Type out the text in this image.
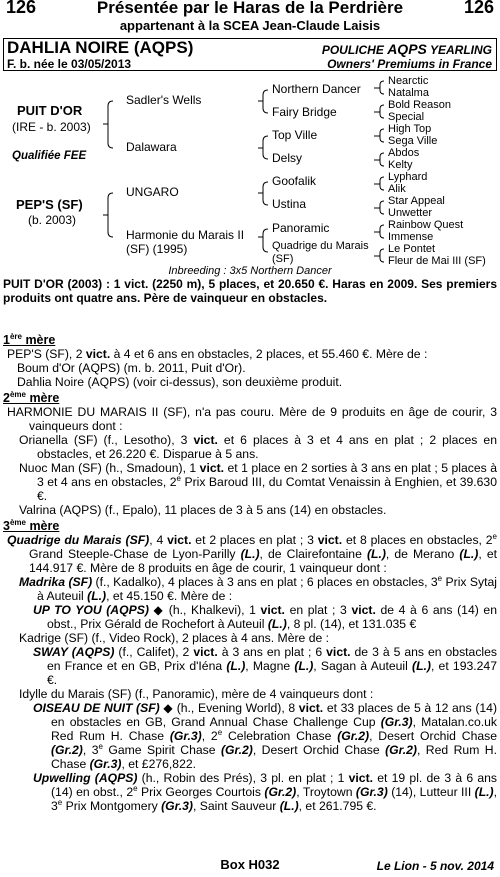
126	Présentée par le Haras de la Perdrière	126
appartenant à la SCEA Jean-Claude Laisis
DAHLIA NOIRE (AQPS)	POULICHE AQPS YEARLING
F. b. née le 03/05/2013	Owners' Premiums in France
PUIT D'OR
(IRE - b. 2003)
Qualifiée FEE
PEP'S (SF)
(b. 2003)
Sadler's Wells
Dalawara
UNGARO
Harmonie du Marais II
(SF) (1995)
Northern Dancer
Fairy Bridge
Top Ville
Delsy
Goofalik
Ustina
Panoramic
Quadrige du Marais
(SF)
Nearctic
Natalma
Bold Reason
Special
High Top
Sega Ville
Abdos
Kelty
Lyphard
Alik
Star Appeal
Unwetter
Rainbow Quest
Immense
Le Pontet
Fleur de Mai III (SF)
Inbreeding : 3x5 Northern Dancer
PUIT D'OR (2003) : 1 vict. (2250 m), 5 places, et 20.650 €. Haras en 2009. Ses premiers produits ont quatre ans. Père de vainqueur en obstacles.

1ère mère

PEP'S (SF), 2 vict. à 4 et 6 ans en obstacles, 2 places, et 55.460 €. Mère de :

Boum d'Or (AQPS) (m. b. 2011, Puit d'Or).

Dahlia Noire (AQPS) (voir ci-dessus), son deuxième produit.

2ème mère

HARMONIE DU MARAIS II (SF), n'a pas couru. Mère de 9 produits en âge de courir, 3 vainqueurs dont :

Orianella (SF) (f., Lesotho), 3 vict. et 6 places à 3 et 4 ans en plat ; 2 places en obstacles, et 26.220 €. Disparue à 5 ans.

Nuoc Man (SF) (h., Smadoun), 1 vict. et 1 place en 2 sorties à 3 ans en plat ; 5 places à 3 et 4 ans en obstacles, 2e Prix Baroud III, du Comtat Venaissin à Enghien, et 39.630 €.

Valrina (AQPS) (f., Epalo), 11 places de 3 à 5 ans (14) en obstacles.

3ème mère

Quadrige du Marais (SF), 4 vict. et 2 places en plat ; 3 vict. et 8 places en obstacles, 2e Grand Steeple-Chase de Lyon-Parilly (L.), de Clairefontaine (L.), de Merano (L.), et 144.917 €. Mère de 8 produits en âge de courir, 1 vainqueur dont :

Madrika (SF) (f., Kadalko), 4 places à 3 ans en plat ; 6 places en obstacles, 3e Prix Sytaj à Auteuil (L.), et 45.150 €. Mère de :

UP TO YOU (AQPS) ◆ (h., Khalkevi), 1 vict. en plat ; 3 vict. de 4 à 6 ans (14) en obst., Prix Gérald de Rochefort à Auteuil (L.), 8 pl. (14), et 131.035 €

Kadrige (SF) (f., Video Rock), 2 places à 4 ans. Mère de :

SWAY (AQPS) (f., Califet), 2 vict. à 3 ans en plat ; 6 vict. de 3 à 5 ans en obstacles en France et en GB, Prix d'Iéna (L.), Magne (L.), Sagan à Auteuil (L.), et 193.247 €.

Idylle du Marais (SF) (f., Panoramic), mère de 4 vainqueurs dont :

OISEAU DE NUIT (SF) ◆ (h., Evening World), 8 vict. et 33 places de 5 à 12 ans (14) en obstacles en GB, Grand Annual Chase Challenge Cup (Gr.3), Matalan.co.uk Red Rum H. Chase (Gr.3), 2e Celebration Chase (Gr.2), Desert Orchid Chase (Gr.2), 3e Game Spirit Chase (Gr.2), Desert Orchid Chase (Gr.2), Red Rum H. Chase (Gr.3), et £276,822.

Upwelling (AQPS) (h., Robin des Prés), 3 pl. en plat ; 1 vict. et 19 pl. de 3 à 6 ans (14) en obst., 2e Prix Georges Courtois (Gr.2), Troytown (Gr.3) (14), Lutteur III (L.), 3e Prix Montgomery (Gr.3), Saint Sauveur (L.), et 261.795 €.

Box H032	Le Lion - 5 nov. 2014
